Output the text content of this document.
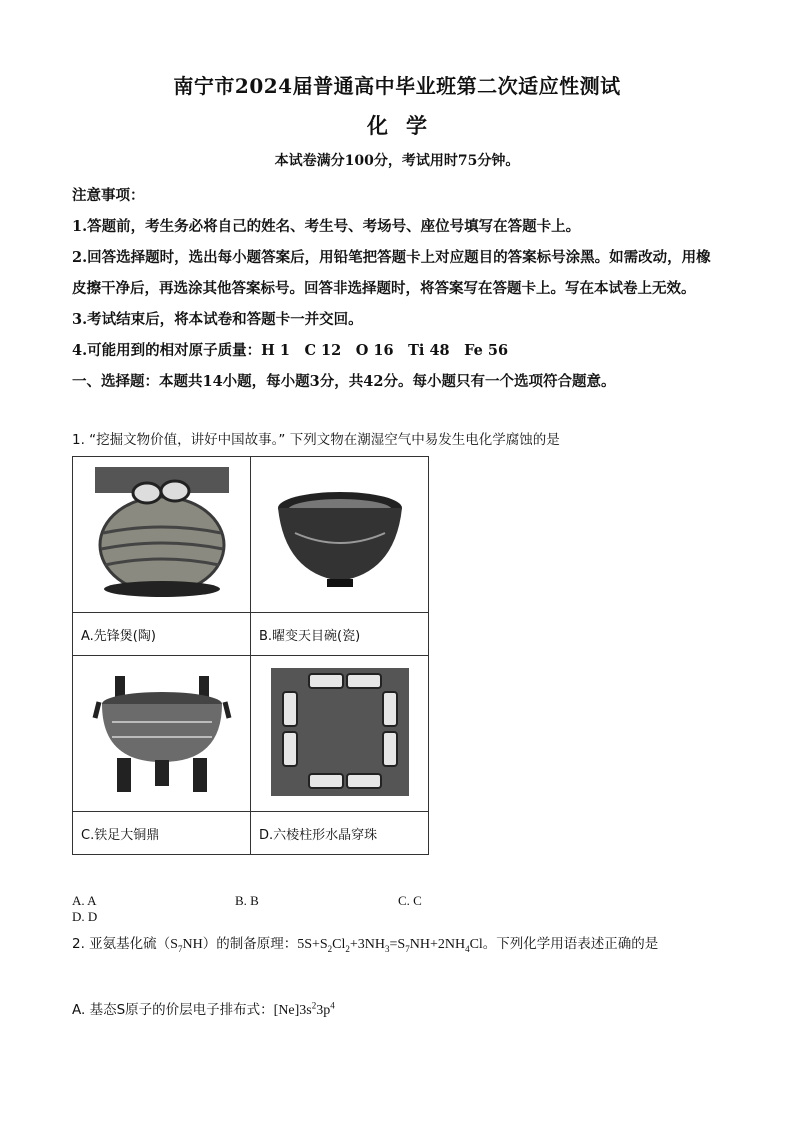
南宁市2024届普通高中毕业班第二次适应性测试
化学
本试卷满分100分，考试用时75分钟。

注意事项：

1.答题前，考生务必将自己的姓名、考生号、考场号、座位号填写在答题卡上。

2.回答选择题时，选出每小题答案后，用铅笔把答题卡上对应题目的答案标号涂黑。如需改动，用橡皮擦干净后，再选涂其他答案标号。回答非选择题时，将答案写在答题卡上。写在本试卷上无效。

3.考试结束后，将本试卷和答题卡一并交回。

4.可能用到的相对原子质量：H 1　C 12　O 16　Ti 48　Fe 56

一、选择题：本题共14小题，每小题3分，共42分。每小题只有一个选项符合题意。

1. “挖掘文物价值，讲好中国故事。” 下列文物在潮湿空气中易发生电化学腐蚀的是

A.先锋煲(陶)	B.曜变天目碗(瓷)

C.铁足大铜鼎	D.六棱柱形水晶穿珠
A. A	B. B	C. CD. D
2. 亚氨基化硫$(S_7NH)$的制备原理：$5S+S_2Cl_2+3NH_3=S_7NH+2NH_4Cl$。下列化学用语表述正确的是
A. 基态S原子的价层电子排布式：$[Ne]3s^23p^4$
